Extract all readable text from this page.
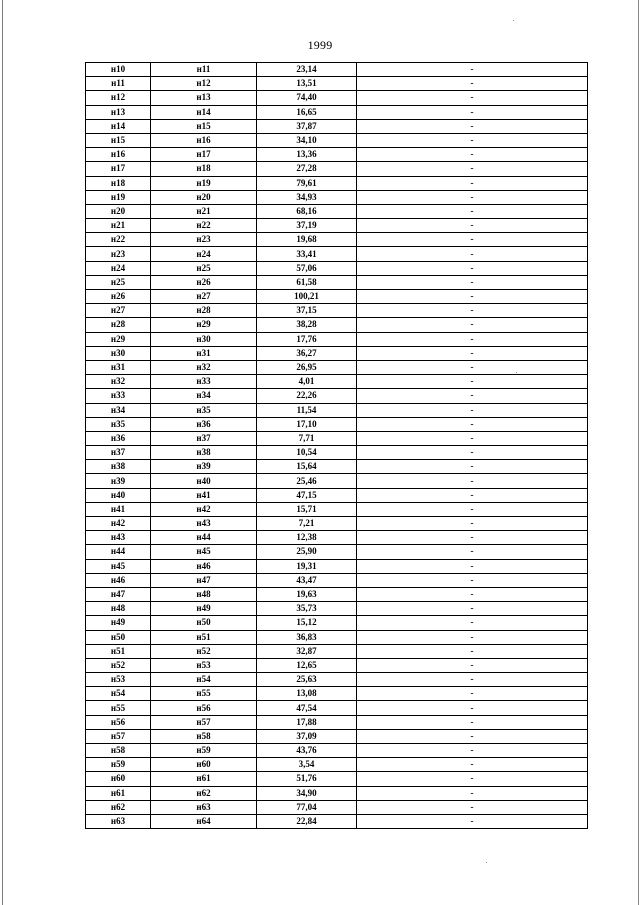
1999
н10	н11	23,14	-
н11	н12	13,51	-
н12	н13	74,40	-
н13	н14	16,65	-
н14	н15	37,87	-
н15	н16	34,10	-
н16	н17	13,36	-
н17	н18	27,28	-
н18	н19	79,61	-
н19	н20	34,93	-
н20	н21	68,16	-
н21	н22	37,19	-
н22	н23	19,68	-
н23	н24	33,41	-
н24	н25	57,06	-
н25	н26	61,58	-
н26	н27	100,21	-
н27	н28	37,15	-
н28	н29	38,28	-
н29	н30	17,76	-
н30	н31	36,27	-
н31	н32	26,95	-
н32	н33	4,01	-
н33	н34	22,26	-
н34	н35	11,54	-
н35	н36	17,10	-
н36	н37	7,71	-
н37	н38	10,54	-
н38	н39	15,64	-
н39	н40	25,46	-
н40	н41	47,15	-
н41	н42	15,71	-
н42	н43	7,21	-
н43	н44	12,38	-
н44	н45	25,90	-
н45	н46	19,31	-
н46	н47	43,47	-
н47	н48	19,63	-
н48	н49	35,73	-
н49	н50	15,12	-
н50	н51	36,83	-
н51	н52	32,87	-
н52	н53	12,65	-
н53	н54	25,63	-
н54	н55	13,08	-
н55	н56	47,54	-
н56	н57	17,88	-
н57	н58	37,09	-
н58	н59	43,76	-
н59	н60	3,54	-
н60	н61	51,76	-
н61	н62	34,90	-
н62	н63	77,04	-
н63	н64	22,84	-
